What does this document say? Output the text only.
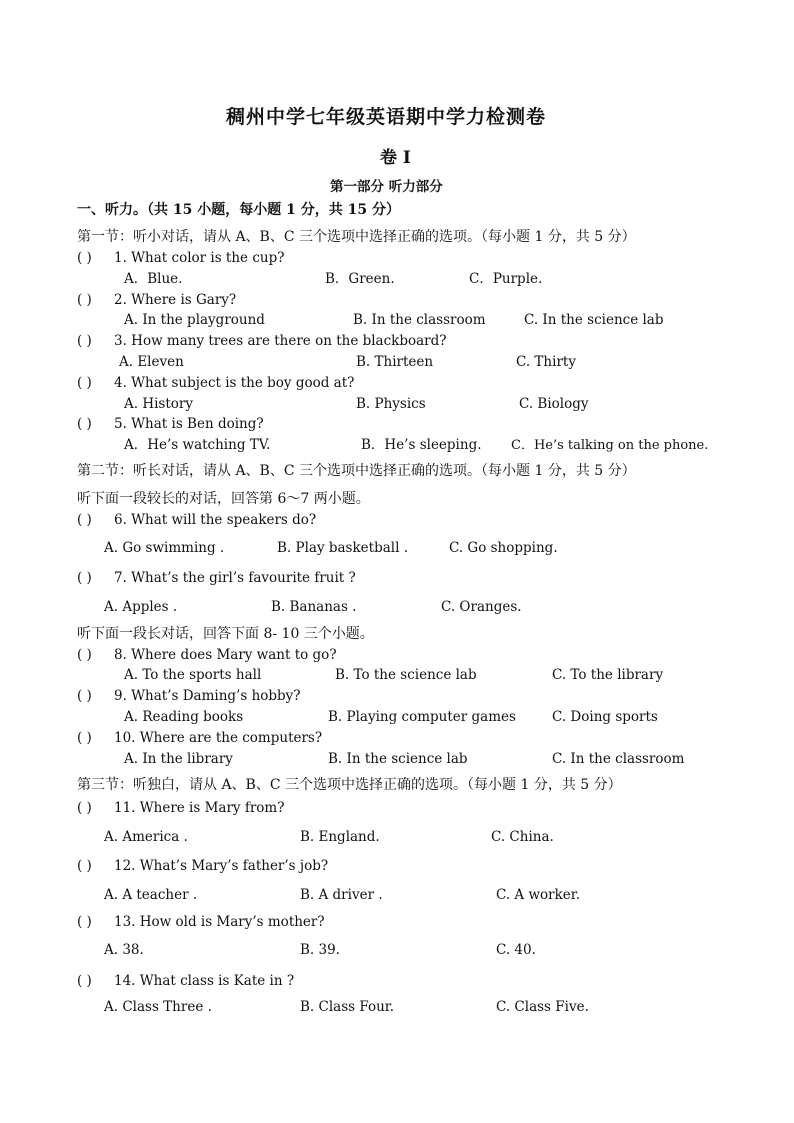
稠州中学七年级英语期中学力检测卷
卷 I
第一部分 听力部分
一、听力。（共 15 小题，每小题 1 分，共 15 分）
第一节：听小对话，请从 A、B、C 三个选项中选择正确的选项。（每小题 1 分，共 5 分）
( ) 1. What color is the cup?
A．Blue.	B．Green.	C．Purple.
( ) 2. Where is Gary?
A. In the playground	B. In the classroom	C. In the science lab
( ) 3. How many trees are there on the blackboard?
A. Eleven	B. Thirteen	C. Thirty
( ) 4. What subject is the boy good at?
A. History	B. Physics	C. Biology
( ) 5. What is Ben doing?
A．He’s watching TV.	B．He’s sleeping. C．He’s talking on the phone.
第二节：听长对话，请从 A、B、C 三个选项中选择正确的选项。（每小题 1 分，共 5 分）
听下面一段较长的对话，回答第 6～7 两小题。
( ) 6. What will the speakers do?
A. Go swimming .	B. Play basketball .	C. Go shopping.
( ) 7. What’s the girl’s favourite fruit ?
A. Apples .	B. Bananas .	C. Oranges.
听下面一段长对话，回答下面 8- 10 三个小题。
( ) 8. Where does Mary want to go?
A. To the sports hall	B. To the science lab	C. To the library
( ) 9. What’s Daming’s hobby?
A. Reading books	B. Playing computer games	C. Doing sports
( ) 10. Where are the computers?
A. In the library	B. In the science lab	C. In the classroom
第三节：听独白，请从 A、B、C 三个选项中选择正确的选项。（每小题 1 分，共 5 分）
( ) 11. Where is Mary from?
A. America .	B. England.	C. China.
( ) 12. What’s Mary’s father’s job?
A. A teacher .	B. A driver .	C. A worker.
( ) 13. How old is Mary’s mother?
A. 38.	B. 39.	C. 40.
( ) 14. What class is Kate in ?
A. Class Three .	B. Class Four.	C. Class Five.
